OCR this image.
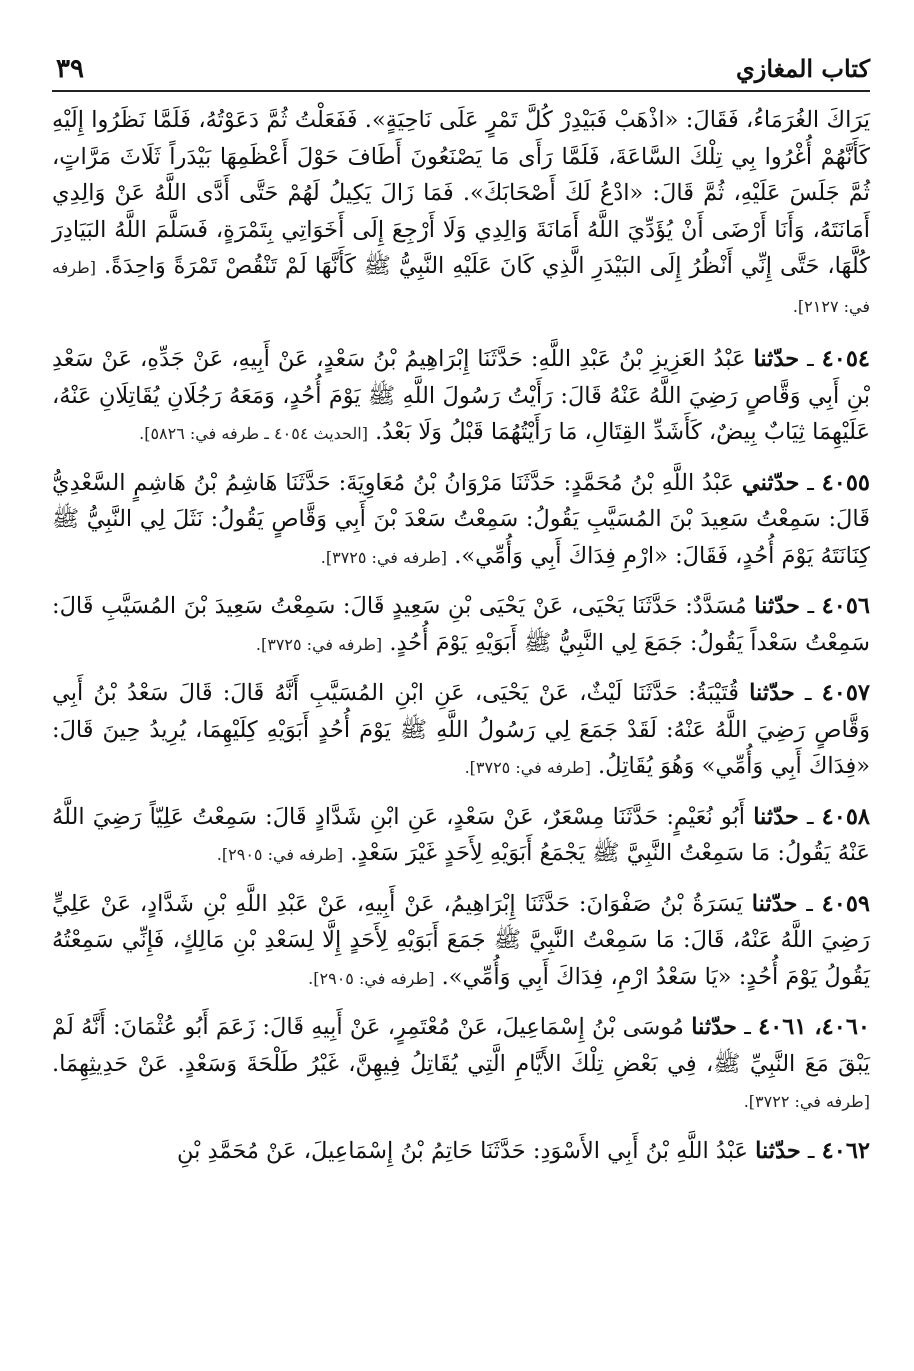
كتاب المغازي
٣٩

يَرَاكَ الغُرَمَاءُ، فَقَالَ: «اذْهَبْ فَبَيْدِرْ كُلَّ تَمْرٍ عَلَى نَاحِيَةٍ». فَفَعَلْتُ ثُمَّ دَعَوْتُهُ، فَلَمَّا نَظَرُوا إِلَيْهِ كَأَنَّهُمْ أُغْرُوا بِي تِلْكَ السَّاعَةَ، فَلَمَّا رَأَى مَا يَصْنَعُونَ أَطَافَ حَوْلَ أَعْظَمِهَا بَيْدَراً ثَلَاثَ مَرَّاتٍ، ثُمَّ جَلَسَ عَلَيْهِ، ثُمَّ قَالَ: «ادْعُ لَكَ أَصْحَابَكَ». فَمَا زَالَ يَكِيلُ لَهُمْ حَتَّى أَدَّى اللَّهُ عَنْ وَالِدِي أَمَانَتَهُ، وَأَنَا أَرْضَى أَنْ يُؤَدِّيَ اللَّهُ أَمَانَةَ وَالِدِي وَلَا أَرْجِعَ إِلَى أَخَوَاتِي بِتَمْرَةٍ، فَسَلَّمَ اللَّهُ البَيَادِرَ كُلَّهَا، حَتَّى إِنِّي أَنْظُرُ إِلَى البَيْدَرِ الَّذِي كَانَ عَلَيْهِ النَّبِيُّ ﷺ كَأَنَّهَا لَمْ تَنْقُصْ تَمْرَةً وَاحِدَةً. [طرفه في: ٢١٢٧].

٤٠٥٤ ـ حدّثنا عَبْدُ العَزِيزِ بْنُ عَبْدِ اللَّهِ: حَدَّثَنَا إِبْرَاهِيمُ بْنُ سَعْدٍ، عَنْ أَبِيهِ، عَنْ جَدِّهِ، عَنْ سَعْدِ بْنِ أَبِي وَقَّاصٍ رَضِيَ اللَّهُ عَنْهُ قَالَ: رَأَيْتُ رَسُولَ اللَّهِ ﷺ يَوْمَ أُحُدٍ، وَمَعَهُ رَجُلَانِ يُقَاتِلَانِ عَنْهُ، عَلَيْهِمَا ثِيَابٌ بِيضٌ، كَأَشَدِّ القِتَالِ، مَا رَأَيْتُهُمَا قَبْلُ وَلَا بَعْدُ. [الحديث ٤٠٥٤ ـ طرفه في: ٥٨٢٦].

٤٠٥٥ ـ حدّثني عَبْدُ اللَّهِ بْنُ مُحَمَّدٍ: حَدَّثَنَا مَرْوَانُ بْنُ مُعَاوِيَةَ: حَدَّثَنَا هَاشِمُ بْنُ هَاشِمٍ السَّعْدِيُّ قَالَ: سَمِعْتُ سَعِيدَ بْنَ المُسَيَّبِ يَقُولُ: سَمِعْتُ سَعْدَ بْنَ أَبِي وَقَّاصٍ يَقُولُ: نَثَلَ لِي النَّبِيُّ ﷺ كِنَانَتَهُ يَوْمَ أُحُدٍ، فَقَالَ: «ارْمِ فِدَاكَ أَبِي وَأُمِّي». [طرفه في: ٣٧٢٥].

٤٠٥٦ ـ حدّثنا مُسَدَّدٌ: حَدَّثَنَا يَحْيَى، عَنْ يَحْيَى بْنِ سَعِيدٍ قَالَ: سَمِعْتُ سَعِيدَ بْنَ المُسَيَّبِ قَالَ: سَمِعْتُ سَعْداً يَقُولُ: جَمَعَ لِي النَّبِيُّ ﷺ أَبَوَيْهِ يَوْمَ أُحُدٍ. [طرفه في: ٣٧٢٥].

٤٠٥٧ ـ حدّثنا قُتَيْبَةُ: حَدَّثَنَا لَيْثٌ، عَنْ يَحْيَى، عَنِ ابْنِ المُسَيَّبِ أَنَّهُ قَالَ: قَالَ سَعْدُ بْنُ أَبِي وَقَّاصٍ رَضِيَ اللَّهُ عَنْهُ: لَقَدْ جَمَعَ لِي رَسُولُ اللَّهِ ﷺ يَوْمَ أُحُدٍ أَبَوَيْهِ كِلَيْهِمَا، يُرِيدُ حِينَ قَالَ: «فِدَاكَ أَبِي وَأُمِّي» وَهُوَ يُقَاتِلُ. [طرفه في: ٣٧٢٥].

٤٠٥٨ ـ حدّثنا أَبُو نُعَيْمٍ: حَدَّثَنَا مِسْعَرٌ، عَنْ سَعْدٍ، عَنِ ابْنِ شَدَّادٍ قَالَ: سَمِعْتُ عَلِيّاً رَضِيَ اللَّهُ عَنْهُ يَقُولُ: مَا سَمِعْتُ النَّبِيَّ ﷺ يَجْمَعُ أَبَوَيْهِ لِأَحَدٍ غَيْرَ سَعْدٍ. [طرفه في: ٢٩٠٥].

٤٠٥٩ ـ حدّثنا يَسَرَةُ بْنُ صَفْوَانَ: حَدَّثَنَا إِبْرَاهِيمُ، عَنْ أَبِيهِ، عَنْ عَبْدِ اللَّهِ بْنِ شَدَّادٍ، عَنْ عَلِيٍّ رَضِيَ اللَّهُ عَنْهُ، قَالَ: مَا سَمِعْتُ النَّبِيَّ ﷺ جَمَعَ أَبَوَيْهِ لِأَحَدٍ إِلَّا لِسَعْدِ بْنِ مَالِكٍ، فَإِنِّي سَمِعْتُهُ يَقُولُ يَوْمَ أُحُدٍ: «يَا سَعْدُ ارْمِ، فِدَاكَ أَبِي وَأُمِّي». [طرفه في: ٢٩٠٥].

٤٠٦٠، ٤٠٦١ ـ حدّثنا مُوسَى بْنُ إِسْمَاعِيلَ، عَنْ مُعْتَمِرٍ، عَنْ أَبِيهِ قَالَ: زَعَمَ أَبُو عُثْمَانَ: أَنَّهُ لَمْ يَبْقَ مَعَ النَّبِيِّ ﷺ، فِي بَعْضِ تِلْكَ الأَيَّامِ الَّتِي يُقَاتِلُ فِيهِنَّ، غَيْرُ طَلْحَةَ وَسَعْدٍ. عَنْ حَدِيثِهِمَا. [طرفه في: ٣٧٢٢].

٤٠٦٢ ـ حدّثنا عَبْدُ اللَّهِ بْنُ أَبِي الأَسْوَدِ: حَدَّثَنَا حَاتِمُ بْنُ إِسْمَاعِيلَ، عَنْ مُحَمَّدِ بْنِ
